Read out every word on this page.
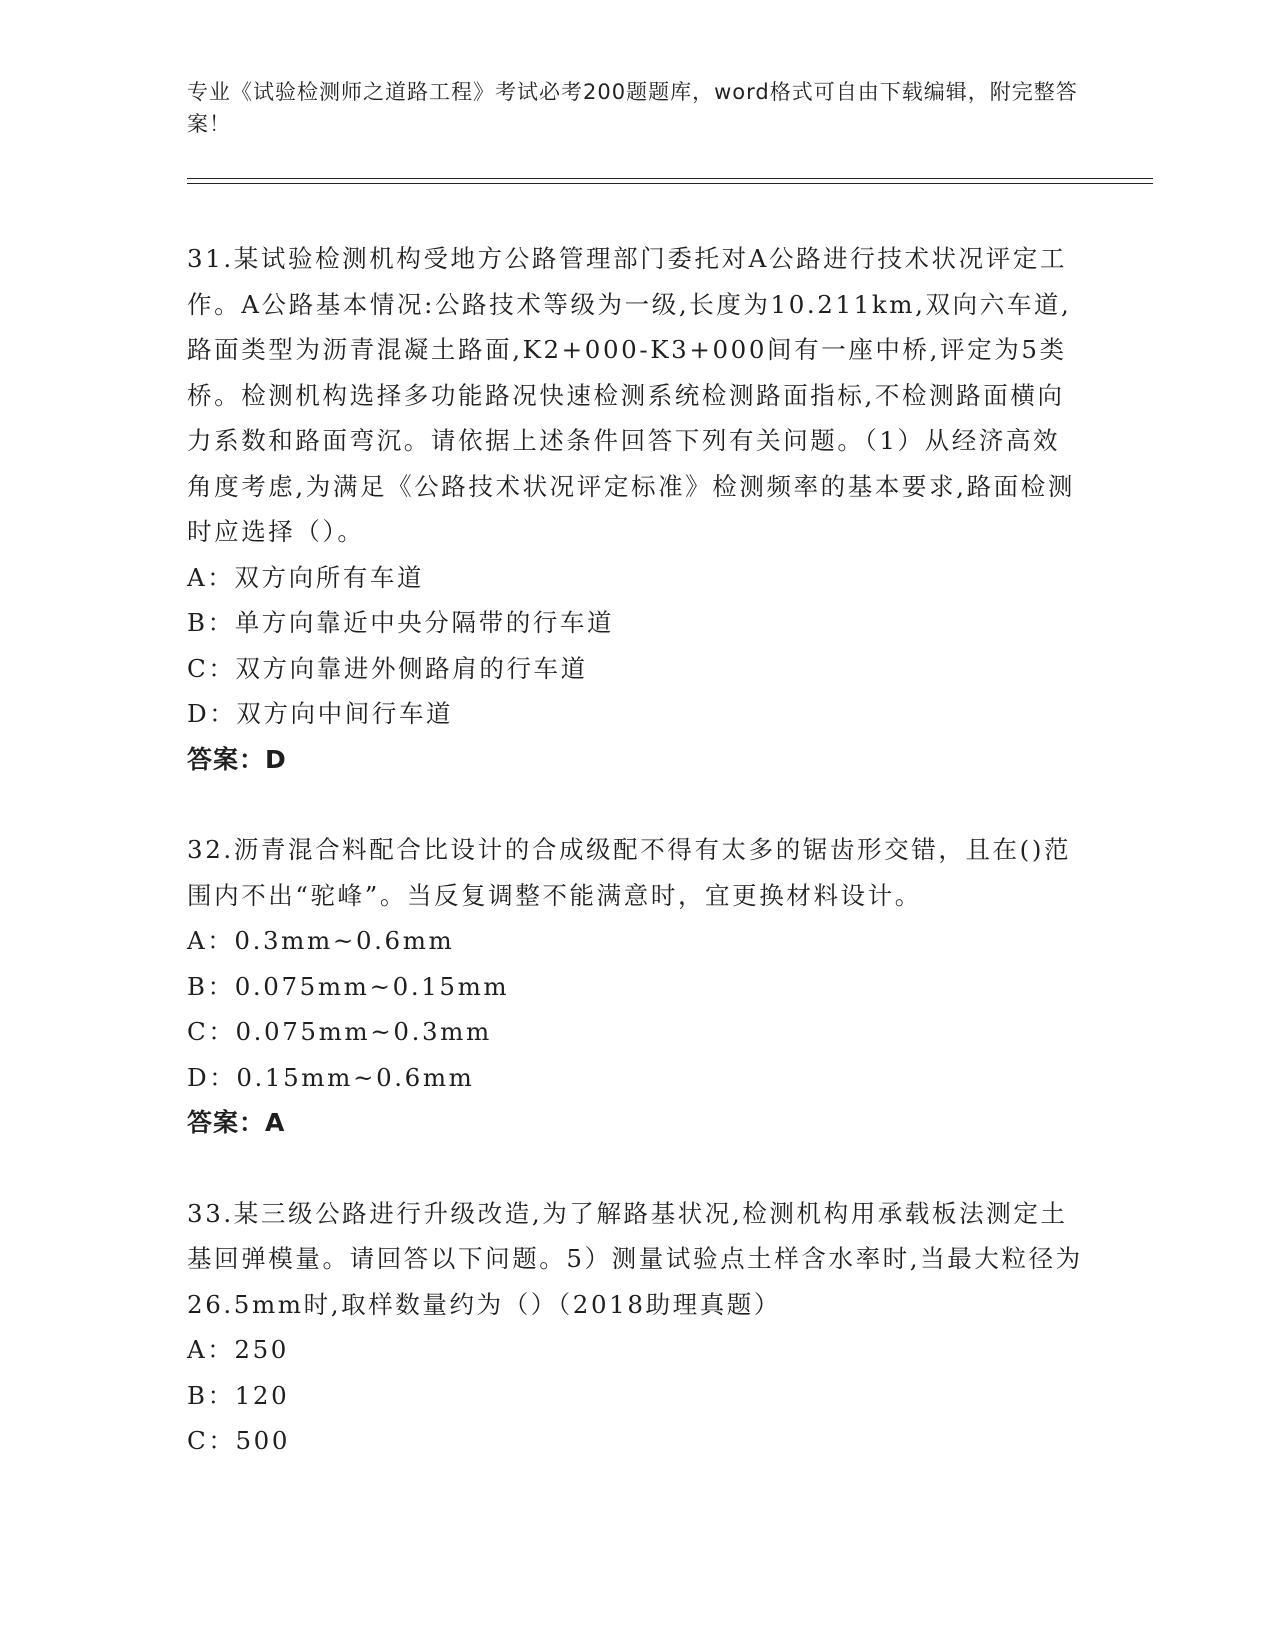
专业《试验检测师之道路工程》考试必考200题题库，word格式可自由下载编辑，附完整答案！

31.某试验检测机构受地方公路管理部门委托对A公路进行技术状况评定工作。A公路基本情况:公路技术等级为一级,长度为10.211km,双向六车道,路面类型为沥青混凝土路面,K2+000-K3+000间有一座中桥,评定为5类桥。检测机构选择多功能路况快速检测系统检测路面指标,不检测路面横向力系数和路面弯沉。请依据上述条件回答下列有关问题。（1）从经济高效角度考虑,为满足《公路技术状况评定标准》检测频率的基本要求,路面检测时应选择（）。

A：双方向所有车道

B：单方向靠近中央分隔带的行车道

C：双方向靠进外侧路肩的行车道

D：双方向中间行车道

答案：D

32.沥青混合料配合比设计的合成级配不得有太多的锯齿形交错，且在()范围内不出“驼峰”。当反复调整不能满意时，宜更换材料设计。

A：0.3mm~0.6mm

B：0.075mm~0.15mm

C：0.075mm~0.3mm

D：0.15mm~0.6mm

答案：A

33.某三级公路进行升级改造,为了解路基状况,检测机构用承载板法测定土基回弹模量。请回答以下问题。5）测量试验点土样含水率时,当最大粒径为26.5mm时,取样数量约为（）（2018助理真题）

A：250

B：120

C：500
